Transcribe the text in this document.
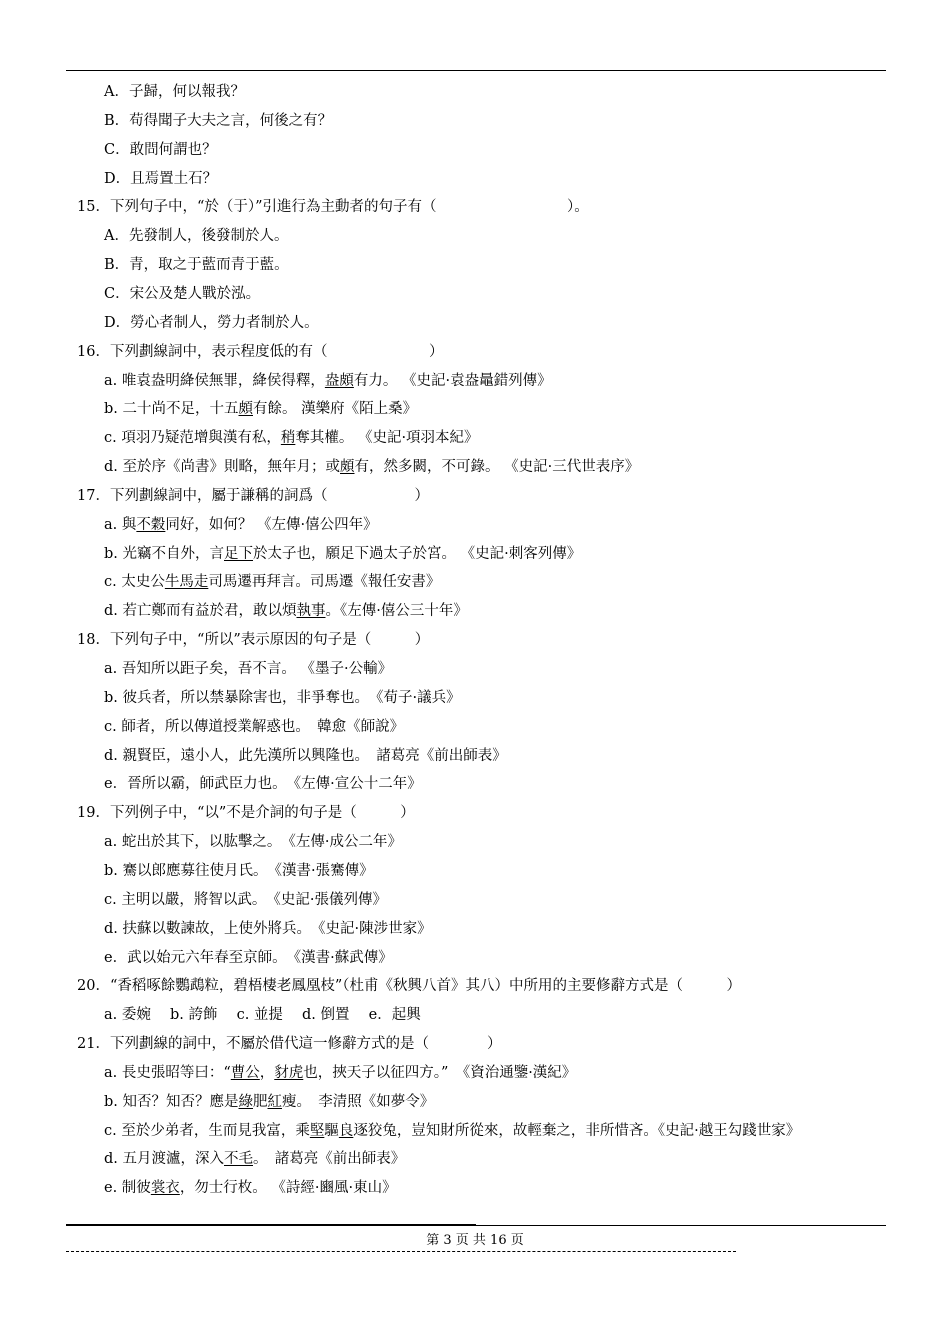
A．子歸，何以報我？
B．苟得聞子大夫之言，何後之有？
C．敢問何謂也？
D．且焉置土石？
15．下列句子中，“於（于）”引進行為主動者的句子有（　　　　　　　　　）。
A．先發制人，後發制於人。
B．青，取之于藍而青于藍。
C．宋公及楚人戰於泓。
D．勞心者制人，勞力者制於人。
16．下列劃線詞中，表示程度低的有（　　　　　　　）
a. 唯袁盎明絳侯無罪，絳侯得釋，盎頗有力。 《史記·袁盎鼂錯列傳》
b. 二十尚不足，十五頗有餘。 漢樂府《陌上桑》
c. 項羽乃疑范增與漢有私，稍奪其權。 《史記·項羽本紀》
d. 至於序《尚書》則略，無年月；或頗有，然多闕，不可錄。 《史記·三代世表序》
17．下列劃線詞中，屬于謙稱的詞爲（　　　　　　）
a. 與不穀同好，如何？ 《左傳·僖公四年》
b. 光竊不自外，言足下於太子也，願足下過太子於宮。 《史記·刺客列傳》
c. 太史公牛馬走司馬遷再拜言。司馬遷《報任安書》
d. 若亡鄭而有益於君，敢以煩執事。《左傳·僖公三十年》
18．下列句子中，“所以”表示原因的句子是（　　　）
a. 吾知所以距子矣，吾不言。 《墨子·公輸》
b. 彼兵者，所以禁暴除害也，非爭奪也。　《荀子·議兵》
c. 師者，所以傳道授業解惑也。　韓愈《師說》
d. 親賢臣，遠小人，此先漢所以興隆也。　諸葛亮《前出師表》
e．晉所以霸，師武臣力也。　《左傳·宣公十二年》
19．下列例子中，“以”不是介詞的句子是（　　　）
a. 蛇出於其下，以肱擊之。　《左傳·成公二年》
b. 騫以郎應募往使月氏。　《漢書·張騫傳》
c. 主明以嚴，將智以武。　《史記·張儀列傳》
d. 扶蘇以數諫故，上使外將兵。　《史記·陳涉世家》
e．武以始元六年春至京師。　《漢書·蘇武傳》
20．“香稻啄餘鸚鵡粒，碧梧棲老鳳凰枝”（杜甫《秋興八首》其八）中所用的主要修辭方式是（　　　）
a. 委婉　 b. 誇飾　 c. 並提　 d. 倒置　 e．起興
21．下列劃線的詞中，不屬於借代這一修辭方式的是（　　　　）
a. 長史張昭等曰：“曹公，豺虎也，挾天子以征四方。”　《資治通鑒·漢紀》
b. 知否？知否？應是綠肥紅瘦。　李清照《如夢令》
c. 至於少弟者，生而見我富，乘堅驅良逐狡兔，豈知財所從來，故輕棄之，非所惜吝。《史記·越王勾踐世家》
d. 五月渡瀘，深入不毛。　諸葛亮《前出師表》
e. 制彼裳衣，勿士行枚。 《詩經·豳風·東山》
第 3 页 共 16 页
